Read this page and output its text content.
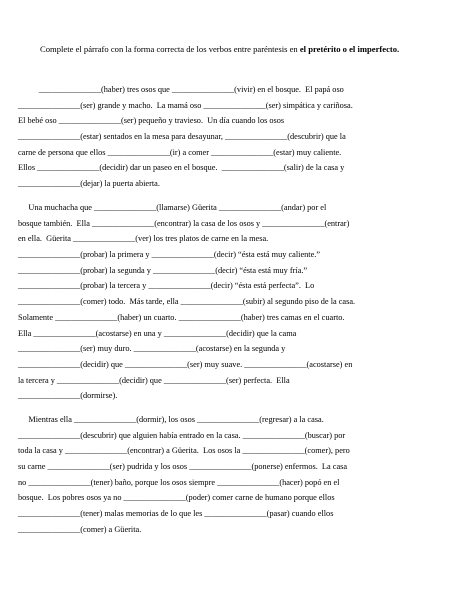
Complete el párrafo con la forma correcta de los verbos entre paréntesis en el pretérito o el imperfecto.
_______________(haber) tres osos que _______________(vivir) en el bosque.  El papá oso
_______________(ser) grande y macho.  La mamá oso _______________(ser) simpática y cariñosa.
El bebé oso _______________(ser) pequeño y travieso.  Un día cuando los osos
_______________(estar) sentados en la mesa para desayunar, _______________(descubrir) que la
carne de persona que ellos _______________(ir) a comer _______________(estar) muy caliente.
Ellos _______________(decidir) dar un paseo en el bosque.  _______________(salir) de la casa y
_______________(dejar) la puerta abierta.
Una muchacha que _______________(llamarse) Güerita _______________(andar) por el
bosque también.  Ella _______________(encontrar) la casa de los osos y _______________(entrar)
en ella.  Güerita _______________(ver) los tres platos de carne en la mesa.
_______________(probar) la primera y _______________(decir) “ésta está muy caliente.”
_______________(probar) la segunda y _______________(decir) “ésta está muy fría.”
_______________(probar) la tercera y _______________(decir) “ésta está perfecta”.  Lo
_______________(comer) todo.  Más tarde, ella _______________(subir) al segundo piso de la casa.
Solamente _______________(haber) un cuarto. _______________(haber) tres camas en el cuarto.
Ella _______________(acostarse) en una y _______________(decidir) que la cama
_______________(ser) muy duro. _______________(acostarse) en la segunda y
_______________(decidir) que _______________(ser) muy suave. _______________(acostarse) en
la tercera y _______________(decidir) que _______________(ser) perfecta.  Ella
_______________(dormirse).
Mientras ella _______________(dormir), los osos _______________(regresar) a la casa.
_______________(descubrir) que alguien había entrado en la casa. _______________(buscar) por
toda la casa y _______________(encontrar) a Güerita.  Los osos la _______________(comer), pero
su carne _______________(ser) pudrida y los osos _______________(ponerse) enfermos.  La casa
no _______________(tener) baño, porque los osos siempre _______________(hacer) popó en el
bosque.  Los pobres osos ya no _______________(poder) comer carne de humano porque ellos
_______________(tener) malas memorias de lo que les _______________(pasar) cuando ellos
_______________(comer) a Güerita.
